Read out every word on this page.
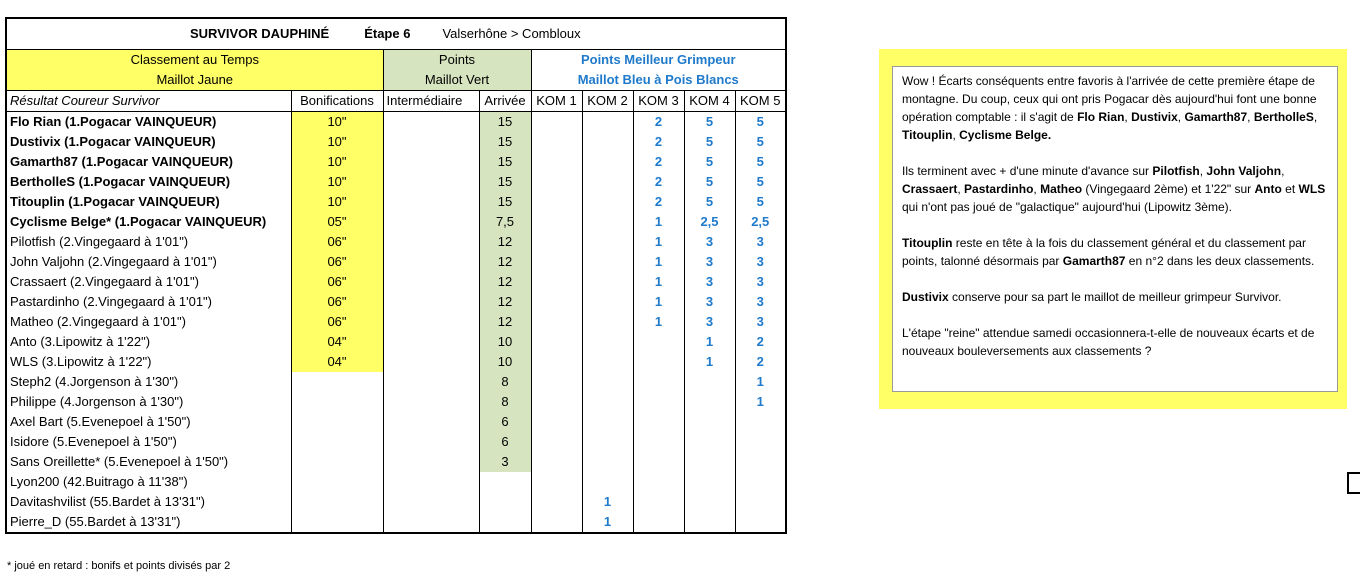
SURVIVOR DAUPHINÉ Étape 6 Valserhône > Combloux								
Classement au Temps		Points		Points Meilleur Grimpeur				
Maillot Jaune		Maillot Vert		Maillot Bleu à Pois Blancs				
Résultat Coureur Survivor	Bonifications	Intermédiaire	Arrivée	KOM 1	KOM 2	KOM 3	KOM 4	KOM 5
Flo Rian (1.Pogacar VAINQUEUR)	10"		15			2	5	5
Dustivix (1.Pogacar VAINQUEUR)	10"		15			2	5	5
Gamarth87 (1.Pogacar VAINQUEUR)	10"		15			2	5	5
BertholleS (1.Pogacar VAINQUEUR)	10"		15			2	5	5
Titouplin (1.Pogacar VAINQUEUR)	10"		15			2	5	5
Cyclisme Belge* (1.Pogacar VAINQUEUR)	05"		7,5			1	2,5	2,5
Pilotfish (2.Vingegaard à 1'01")	06"		12			1	3	3
John Valjohn (2.Vingegaard à 1'01")	06"		12			1	3	3
Crassaert (2.Vingegaard à 1'01")	06"		12			1	3	3
Pastardinho (2.Vingegaard à 1'01")	06"		12			1	3	3
Matheo (2.Vingegaard à 1'01")	06"		12			1	3	3
Anto (3.Lipowitz à 1'22")	04"		10				1	2
WLS (3.Lipowitz à 1'22")	04"		10				1	2
Steph2 (4.Jorgenson à 1'30")			8					1
Philippe (4.Jorgenson à 1'30")			8					1
Axel Bart (5.Evenepoel à 1'50")			6					
Isidore (5.Evenepoel à 1'50")			6					
Sans Oreillette* (5.Evenepoel à 1'50")			3					
Lyon200 (42.Buitrago à 11'38")								
Davitashvilist (55.Bardet à 13'31")					1			
Pierre_D (55.Bardet à 13'31")					1			
* joué en retard : bonifs et points divisés par 2

Wow ! Écarts conséquents entre favoris à l'arrivée de cette première étape de montagne. Du coup, ceux qui ont pris Pogacar dès aujourd'hui font une bonne opération comptable : il s'agit de Flo Rian, Dustivix, Gamarth87, BertholleS, Titouplin, Cyclisme Belge.

Ils terminent avec + d'une minute d'avance sur Pilotfish, John Valjohn, Crassaert, Pastardinho, Matheo (Vingegaard 2ème) et 1'22" sur Anto et WLS qui n'ont pas joué de "galactique" aujourd'hui (Lipowitz 3ème).

Titouplin reste en tête à la fois du classement général et du classement par points, talonné désormais par Gamarth87 en n°2 dans les deux classements.

Dustivix conserve pour sa part le maillot de meilleur grimpeur Survivor.

L'étape "reine" attendue samedi occasionnera-t-elle de nouveaux écarts et de nouveaux bouleversements aux classements ?
